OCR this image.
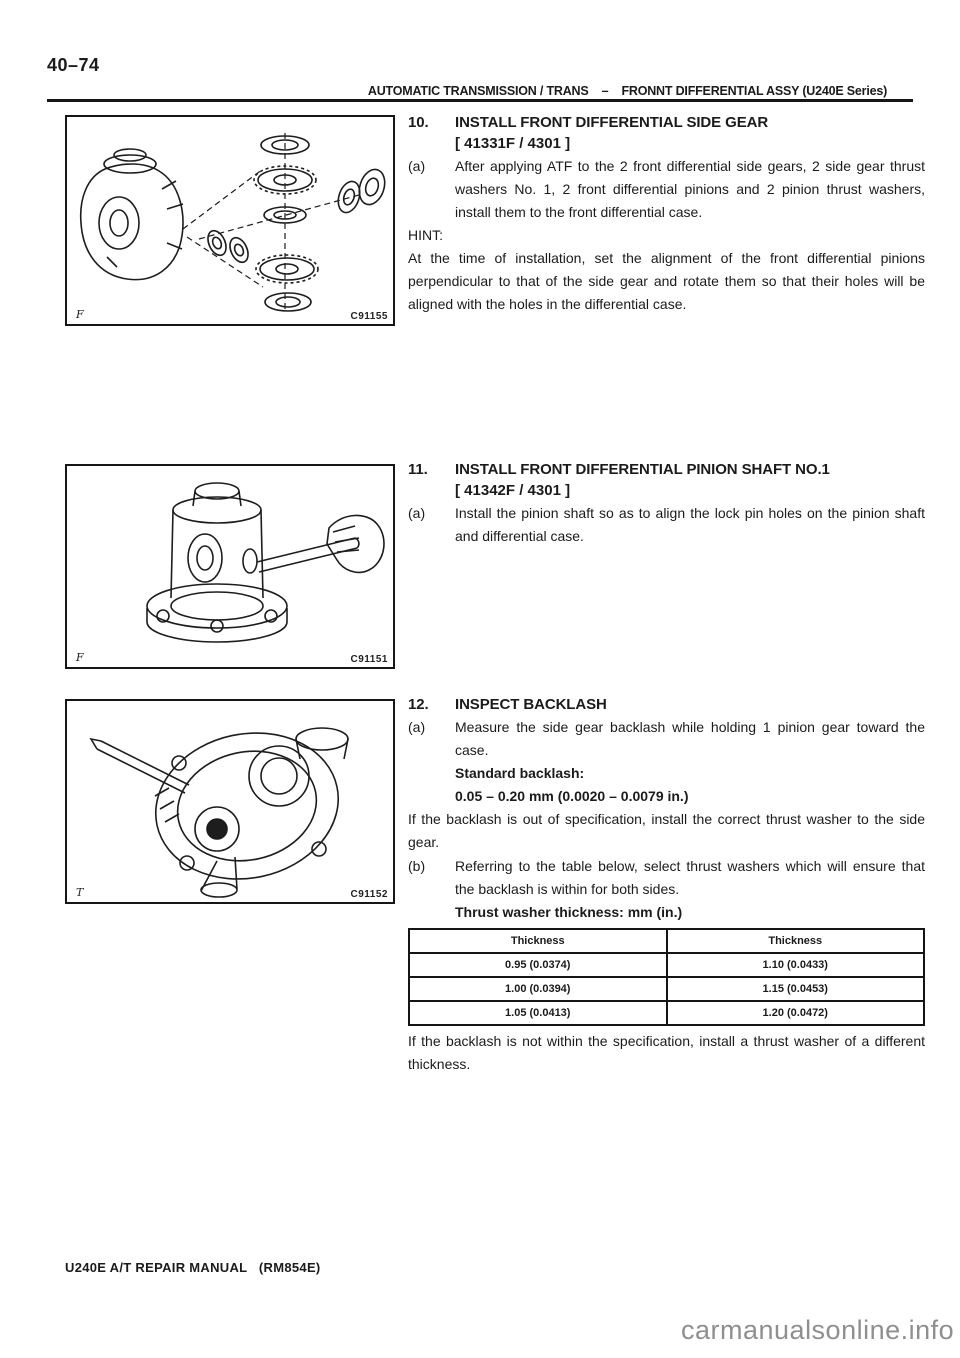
40–74
AUTOMATIC TRANSMISSION / TRANS    –    FRONNT DIFFERENTIAL ASSY (U240E Series)
F	C91155
F	C91151
T	C91152
10.	INSTALL FRONT DIFFERENTIAL SIDE GEAR
[ 41331F / 4301 ]
(a)	After applying ATF to the 2 front differential side gears, 2 side gear thrust washers No. 1, 2 front differential pinions and 2 pinion thrust washers, install them to the front differential case.
HINT:
At the time of installation, set the alignment of the front differential pinions perpendicular to that of the side gear and rotate them so that their holes will be aligned with the holes in the differential case.
11.	INSTALL FRONT DIFFERENTIAL PINION SHAFT NO.1
[ 41342F / 4301 ]
(a)	Install the pinion shaft so as to align the lock pin holes on the pinion shaft and differential case.
12.	INSPECT BACKLASH
(a)	Measure the side gear backlash while holding 1 pinion gear toward the case.
Standard backlash:
0.05 – 0.20 mm (0.0020 – 0.0079 in.)
If the backlash is out of specification, install the correct thrust washer to the side gear.
(b)	Referring to the table below, select thrust washers which will ensure that the backlash is within for both sides.
Thrust washer thickness: mm (in.)
Thickness	Thickness
0.95 (0.0374)	1.10 (0.0433)
1.00 (0.0394)	1.15 (0.0453)
1.05 (0.0413)	1.20 (0.0472)
If the backlash is not within the specification, install a thrust washer of a different thickness.
U240E A/T REPAIR MANUAL   (RM854E)
carmanualsonline.info
